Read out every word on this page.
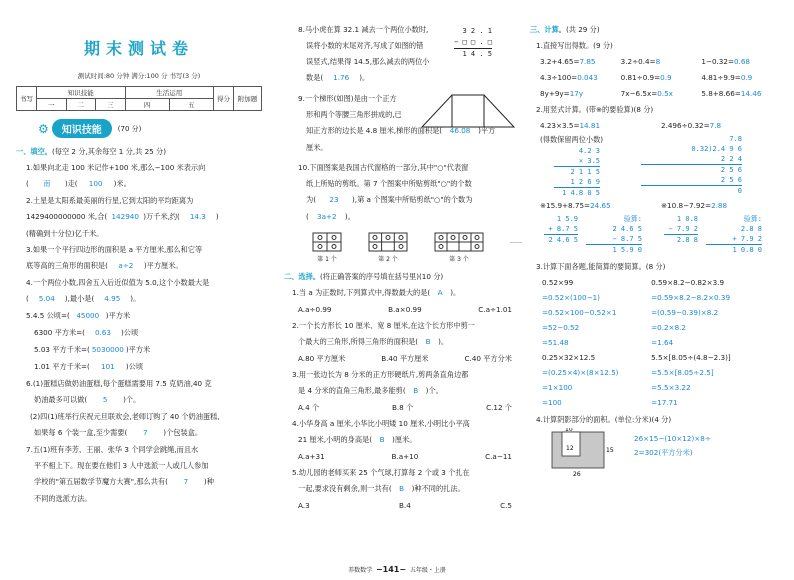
期末测试卷
测试时间:80 分钟 满分:100 分 书写(3 分)
书写	知识技能			生活运用		得分	附加题
	一	二	三	四	五		
⚙	知识技能	(70 分)
一、填空。(每空 2 分,其余每空 1 分,共 25 分)
1.如果向北走 100 米记作+100 米,那么−100 米表示向
( 南 )走( 100 )米。
2.土星是太阳系最美丽的行星,它到太阳的平均距离为
1429400000000 米,合( 142940 )万千米,约( 14.3 )
(精确到十分位)亿千米。
3.如果一个平行四边形的面积是 a 平方厘米,那么和它等
底等高的三角形的面积是( a÷2 )平方厘米。
4.一个两位小数,四舍五入后近似值为 5.0,这个小数最大是
( 5.04 ),最小是( 4.95 )。
5.4.5 公顷=( 45000 )平方米
6300 平方米=( 0.63 )公顷
5.03 平方千米=( 5030000 )平方米
1.01 平方千米=( 101 )公顷
6.(1)蛋糕店做奶油蛋糕,每个蛋糕需要用 7.5 克奶油,40 克
奶油最多可以做( 5 )个。
(2)四(1)班举行庆祝元旦联欢会,老师订购了 40 个奶油蛋糕,
如果每 6 个装一盒,至少需要( 7 )个包装盒。
7.五(1)班有李芳、王丽、张华 3 个同学会跳绳,而且水
平不相上下。现在要在他们 3 人中选派一人或几人参加
学校的"第五届数学节魔方大赛",那么共有( 7 )种
不同的选派方法。
8.马小虎在算 32.1 减去一个两位小数时,
误将小数的末尾对齐,写成了如图的错
误竖式,结果得 14.5,那么减去的两位小
数是( 1.76 )。
3 2 . 1
− □ □ . □
1 4 . 5
9.一个梯形(如图)是由一个正方
形和两个等腰三角形拼成的,已
知正方形的边长是 4.8 厘米,梯形的面积是( 46.08 )平方
厘米。
10.下面图案是我国古代窗格的一部分,其中"○"代表窗
纸上所贴的剪纸。第 7 个图案中所贴剪纸"○"的个数
为( 23 ),第 a 个图案中所贴剪纸"○"的个数为
( 3a+2 )。
第 1 个	第 2 个	第 3 个
……
二、选择。(将正确答案的序号填在括号里)(10 分)
1.当 a 为正数时,下列算式中,得数最大的是( A )。
A.a÷0.99	B.a×0.99	C.a÷1.01
2.一个长方形长 10 厘米、宽 8 厘米,在这个长方形中剪一
个最大的三角形,所得三角形的面积是( B )。
A.80 平方厘米	B.40 平方厘米	C.40 平方分米
3.用一张边长为 8 分米的正方形硬纸片,剪两条直角边都
是 4 分米的直角三角形,最多能剪( B )个。
A.4 个	B.8 个	C.12 个
4.小华身高 a 厘米,小华比小明矮 10 厘米,小明比小平高
21 厘米,小明的身高是( B )厘米。
A.a+31	B.a+10	C.a−11
5.幼儿园的老师买来 25 个气球,打算每 2 个或 3 个扎在
一起,要求没有剩余,则一共有( B )种不同的扎法。
A.3	B.4	C.5
三、计算。(共 29 分)
1.直接写出得数。(9 分)
3.2+4.65=7.85	3.2÷0.4=8	1−0.32=0.68
4.3÷100=0.043	0.81÷0.9=0.9	4.81÷9.9=0.9
8y+9y=17y	7x−6.5x=0.5x	5.8+8.66=14.46
2.用竖式计算。(带※的要验算)(8 分)
4.23×3.5=14.81	2.496÷0.32=7.8
(得数保留两位小数)
4.2 3
× 3.5
2 1 1 5
1 2 6 9
1 4.8 0 5
7.8
0.32)2.4 9 6
2 2 4
2 5 6
2 5 6
0
※15.9+8.75=24.65	※10.8−7.92=2.88
1 5.9
+ 8.7 5
2 4.6 5
验算:
2 4.6 5
− 8.7 5
1 5.9 0
1 0.8
− 7.9 2
2.8 8
验算:
2.8 8
+ 7.9 2
1 0.8 0
3.计算下面各题,能简算的要简算。(8 分)
0.52×99
=0.52×(100−1)
=0.52×100−0.52×1
=52−0.52
=51.48
0.59×8.2−0.82×3.9
=0.59×8.2−8.2×0.39
=(0.59−0.39)×8.2
=0.2×8.2
=1.64
0.25×32×12.5
=(0.25×4)×(8×12.5)
=1×100
=100
5.5×[8.05÷(4.8−2.3)]
=5.5×[8.05÷2.5]
=5.5×3.22
=17.71
4.计算阴影部分的面积。(单位:分米)(4 分)
10
12	15
26
26×15−(10×12)×8÷
2=302(平方分米)
养数数学 −141− 五年级・上册
